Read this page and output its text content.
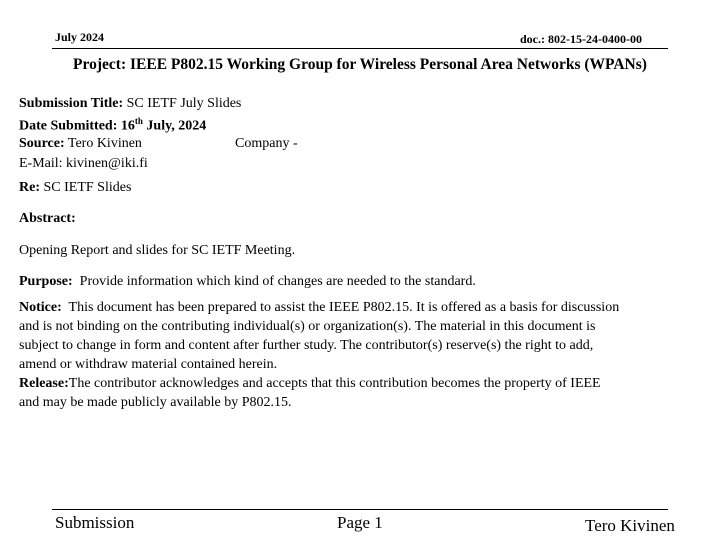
July 2024	doc.: 802-15-24-0400-00
Project: IEEE P802.15 Working Group for Wireless Personal Area Networks (WPANs)
Submission Title: SC IETF July Slides
Date Submitted: 16th July, 2024
Source: Tero Kivinen	Company -
E-Mail: kivinen@iki.fi
Re: SC IETF Slides
Abstract:
Opening Report and slides for SC IETF Meeting.
Purpose: Provide information which kind of changes are needed to the standard.
Notice: This document has been prepared to assist the IEEE P802.15. It is offered as a basis for discussion
and is not binding on the contributing individual(s) or organization(s). The material in this document is
subject to change in form and content after further study. The contributor(s) reserve(s) the right to add,
amend or withdraw material contained herein.
Release:The contributor acknowledges and accepts that this contribution becomes the property of IEEE
and may be made publicly available by P802.15.
Submission	Page 1	Tero Kivinen
